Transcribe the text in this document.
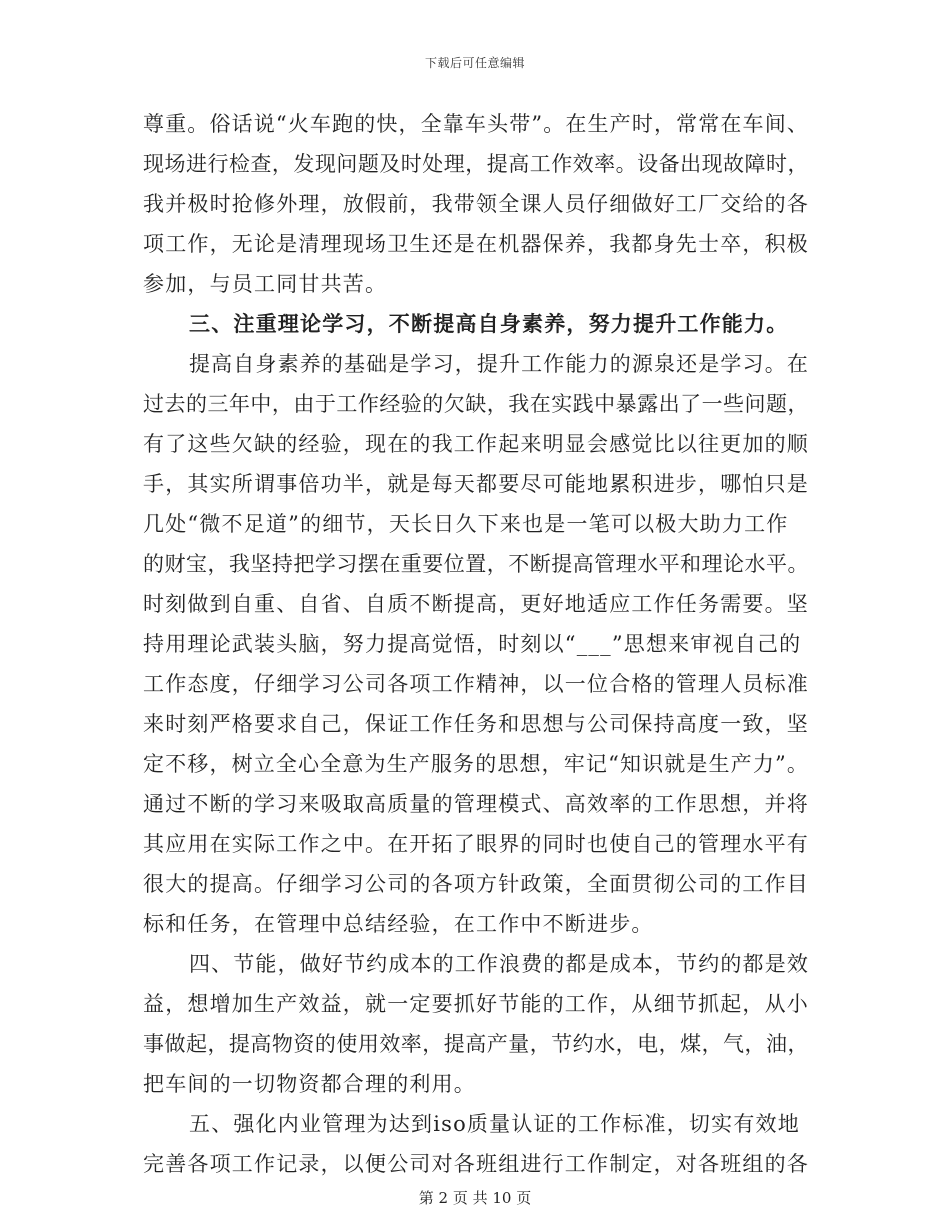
下载后可任意编辑
尊重。俗话说“火车跑的快，全靠车头带”。在生产时，常常在车间、
现场进行检查，发现问题及时处理，提高工作效率。设备出现故障时，
我并极时抢修外理，放假前，我带领全课人员仔细做好工厂交给的各
项工作，无论是清理现场卫生还是在机器保养，我都身先士卒，积极
参加，与员工同甘共苦。
三、注重理论学习，不断提高自身素养，努力提升工作能力。
提高自身素养的基础是学习，提升工作能力的源泉还是学习。在
过去的三年中，由于工作经验的欠缺，我在实践中暴露出了一些问题，
有了这些欠缺的经验，现在的我工作起来明显会感觉比以往更加的顺
手，其实所谓事倍功半，就是每天都要尽可能地累积进步，哪怕只是
几处“微不足道”的细节，天长日久下来也是一笔可以极大助力工作
的财宝，我坚持把学习摆在重要位置，不断提高管理水平和理论水平。
时刻做到自重、自省、自质不断提高，更好地适应工作任务需要。坚
持用理论武装头脑，努力提高觉悟，时刻以“___”思想来审视自己的
工作态度，仔细学习公司各项工作精神，以一位合格的管理人员标准
来时刻严格要求自己，保证工作任务和思想与公司保持高度一致，坚
定不移，树立全心全意为生产服务的思想，牢记“知识就是生产力”。
通过不断的学习来吸取高质量的管理模式、高效率的工作思想，并将
其应用在实际工作之中。在开拓了眼界的同时也使自己的管理水平有
很大的提高。仔细学习公司的各项方针政策，全面贯彻公司的工作目
标和任务，在管理中总结经验，在工作中不断进步。
四、节能，做好节约成本的工作浪费的都是成本，节约的都是效
益，想增加生产效益，就一定要抓好节能的工作，从细节抓起，从小
事做起，提高物资的使用效率，提高产量，节约水，电，煤，气，油，
把车间的一切物资都合理的利用。
五、强化内业管理为达到iso质量认证的工作标准，切实有效地
完善各项工作记录，以便公司对各班组进行工作制定，对各班组的各
第 2 页 共 10 页
